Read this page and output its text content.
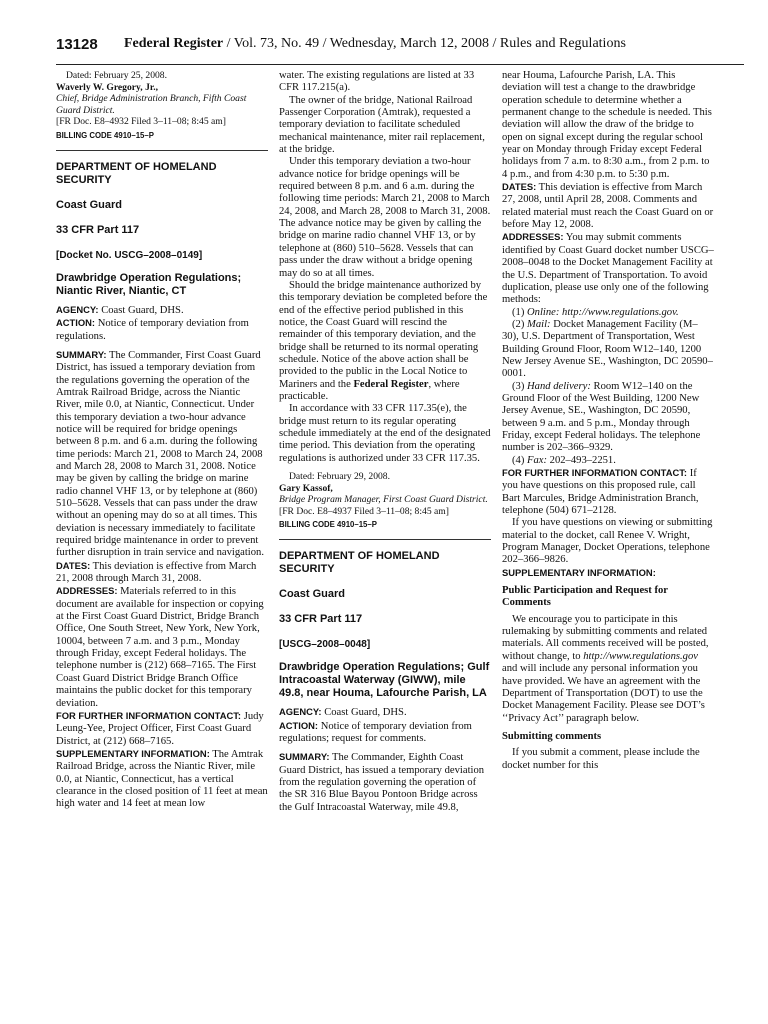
13128 Federal Register / Vol. 73, No. 49 / Wednesday, March 12, 2008 / Rules and Regulations

Dated: February 25, 2008.

Waverly W. Gregory, Jr.,

Chief, Bridge Administration Branch, Fifth Coast Guard District.

[FR Doc. E8–4932 Filed 3–11–08; 8:45 am]

BILLING CODE 4910–15–P

DEPARTMENT OF HOMELAND SECURITY

Coast Guard

33 CFR Part 117

[Docket No. USCG–2008–0149]

Drawbridge Operation Regulations; Niantic River, Niantic, CT

AGENCY: Coast Guard, DHS.

ACTION: Notice of temporary deviation from regulations.

SUMMARY: The Commander, First Coast Guard District, has issued a temporary deviation from the regulations governing the operation of the Amtrak Railroad Bridge, across the Niantic River, mile 0.0, at Niantic, Connecticut. Under this temporary deviation a two-hour advance notice will be required for bridge openings between 8 p.m. and 6 a.m. during the following time periods: March 21, 2008 to March 24, 2008 and March 28, 2008 to March 31, 2008. Notice may be given by calling the bridge on marine radio channel VHF 13, or by telephone at (860) 510–5628. Vessels that can pass under the draw without an opening may do so at all times. This deviation is necessary immediately to facilitate required bridge maintenance in order to prevent further disruption in train service and navigation.

DATES: This deviation is effective from March 21, 2008 through March 31, 2008.

ADDRESSES: Materials referred to in this document are available for inspection or copying at the First Coast Guard District, Bridge Branch Office, One South Street, New York, New York, 10004, between 7 a.m. and 3 p.m., Monday through Friday, except Federal holidays. The telephone number is (212) 668–7165. The First Coast Guard District Bridge Branch Office maintains the public docket for this temporary deviation.

FOR FURTHER INFORMATION CONTACT: Judy Leung-Yee, Project Officer, First Coast Guard District, at (212) 668–7165.

SUPPLEMENTARY INFORMATION: The Amtrak Railroad Bridge, across the Niantic River, mile 0.0, at Niantic, Connecticut, has a vertical clearance in the closed position of 11 feet at mean high water and 14 feet at mean low

water. The existing regulations are listed at 33 CFR 117.215(a).

The owner of the bridge, National Railroad Passenger Corporation (Amtrak), requested a temporary deviation to facilitate scheduled mechanical maintenance, miter rail replacement, at the bridge.

Under this temporary deviation a two-hour advance notice for bridge openings will be required between 8 p.m. and 6 a.m. during the following time periods: March 21, 2008 to March 24, 2008, and March 28, 2008 to March 31, 2008. The advance notice may be given by calling the bridge on marine radio channel VHF 13, or by telephone at (860) 510–5628. Vessels that can pass under the draw without a bridge opening may do so at all times.

Should the bridge maintenance authorized by this temporary deviation be completed before the end of the effective period published in this notice, the Coast Guard will rescind the remainder of this temporary deviation, and the bridge shall be returned to its normal operating schedule. Notice of the above action shall be provided to the public in the Local Notice to Mariners and the Federal Register, where practicable.

In accordance with 33 CFR 117.35(e), the bridge must return to its regular operating schedule immediately at the end of the designated time period. This deviation from the operating regulations is authorized under 33 CFR 117.35.

Dated: February 29, 2008.

Gary Kassof,

Bridge Program Manager, First Coast Guard District.

[FR Doc. E8–4937 Filed 3–11–08; 8:45 am]

BILLING CODE 4910–15–P

DEPARTMENT OF HOMELAND SECURITY

Coast Guard

33 CFR Part 117

[USCG–2008–0048]

Drawbridge Operation Regulations; Gulf Intracoastal Waterway (GIWW), mile 49.8, near Houma, Lafourche Parish, LA

AGENCY: Coast Guard, DHS.

ACTION: Notice of temporary deviation from regulations; request for comments.

SUMMARY: The Commander, Eighth Coast Guard District, has issued a temporary deviation from the regulation governing the operation of the SR 316 Blue Bayou Pontoon Bridge across the Gulf Intracoastal Waterway, mile 49.8,

near Houma, Lafourche Parish, LA. This deviation will test a change to the drawbridge operation schedule to determine whether a permanent change to the schedule is needed. This deviation will allow the draw of the bridge to open on signal except during the regular school year on Monday through Friday except Federal holidays from 7 a.m. to 8:30 a.m., from 2 p.m. to 4 p.m., and from 4:30 p.m. to 5:30 p.m.

DATES: This deviation is effective from March 27, 2008, until April 28, 2008. Comments and related material must reach the Coast Guard on or before May 12, 2008.

ADDRESSES: You may submit comments identified by Coast Guard docket number USCG–2008–0048 to the Docket Management Facility at the U.S. Department of Transportation. To avoid duplication, please use only one of the following methods:

(1) Online: http://www.regulations.gov.

(2) Mail: Docket Management Facility (M–30), U.S. Department of Transportation, West Building Ground Floor, Room W12–140, 1200 New Jersey Avenue SE., Washington, DC 20590–0001.

(3) Hand delivery: Room W12–140 on the Ground Floor of the West Building, 1200 New Jersey Avenue, SE., Washington, DC 20590, between 9 a.m. and 5 p.m., Monday through Friday, except Federal holidays. The telephone number is 202–366–9329.

(4) Fax: 202–493–2251.

FOR FURTHER INFORMATION CONTACT: If you have questions on this proposed rule, call Bart Marcules, Bridge Administration Branch, telephone (504) 671–2128.

If you have questions on viewing or submitting material to the docket, call Renee V. Wright, Program Manager, Docket Operations, telephone 202–366–9826.

SUPPLEMENTARY INFORMATION:

Public Participation and Request for Comments

We encourage you to participate in this rulemaking by submitting comments and related materials. All comments received will be posted, without change, to http://www.regulations.gov and will include any personal information you have provided. We have an agreement with the Department of Transportation (DOT) to use the Docket Management Facility. Please see DOT’s ‘‘Privacy Act’’ paragraph below.

Submitting comments

If you submit a comment, please include the docket number for this
